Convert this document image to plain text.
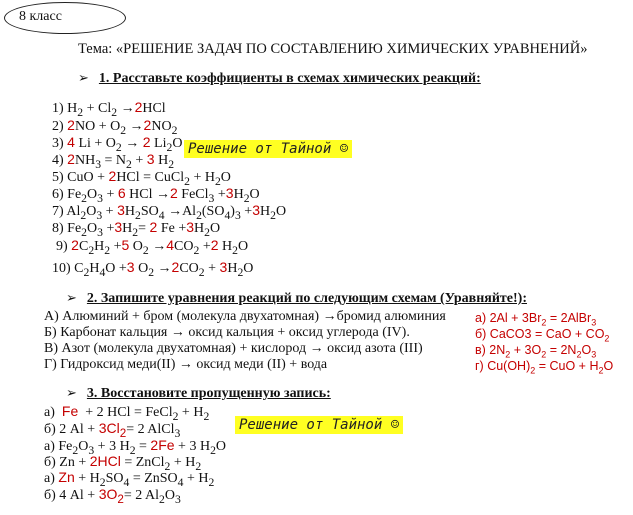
8 класс
Тема: «РЕШЕНИЕ ЗАДАЧ ПО СОСТАВЛЕНИЮ ХИМИЧЕСКИХ УРАВНЕНИЙ»
➢ 1. Расставьте коэффициенты в схемах химических реакций:
1) $H_2 + Cl_2 \to 2HCl$
2) $2NO + O_2 \to 2NO_2$
3) 4 $Li + O_2 \to 2$ $Li_2O$
4) $2NH_3 = N_2 + 3$ $H_2$
5) CuO + 2HCl = CuCl$_2$ + $H_2O$
6) $Fe_2O_3 + 6$ HCl →2 FeCl$_3$ $+3H_2O$
7) $Al_2O_3 + 3H_2SO_4 \to Al_2(SO_4)_3 +3H_2O$
8) $Fe_2O_3 +3H_2= 2$ $Fe +3H_2O$
9) $2C_2H_2 +5$ $O_2 \to 4CO_2 +2$ $H_2O$
10) $C_2H_4O +3$ $O_2 \to 2CO_2 + 3H_2O$
Решение от Тайной ☺
➢ 2. Запишите уравнения реакций по следующим схемам (Уравняйте!):
А) Алюминий + бром (молекула двухатомная) →бромид алюминия
Б) Карбонат кальция → оксид кальция + оксид углерода (IV).
В) Азот (молекула двухатомная) + кислород → оксид азота (III)
Г) Гидроксид меди(II) → оксид меди (II) + вода
а) $2Al + 3Br_2$ = 2AlBr$_3$
б) CaCO3 = CaO + $CO_2$
в) $2N_2 + 3O_2 = 2N_2O_3$
г) $Cu(OH)_2$ = CuO + $H_2O$
➢ 3. Восстановите пропущенную запись:
а)  Fe  + 2 HCl = FeCl$_2$ + $H_2$
б) 2 $Al + 3Cl_2= 2$ AlCl$_3$
а) $Fe_2O_3 + 3$ $H_2 = 2Fe + 3$ $H_2O$
б) Zn + 2HCl = ZnCl$_2$ + $H_2$
а) $Zn + H_2SO_4$ = ZnSO$_4$ + $H_2$
б) 4 $Al + 3O_2= 2$ $Al_2O_3$
Решение от Тайной ☺
